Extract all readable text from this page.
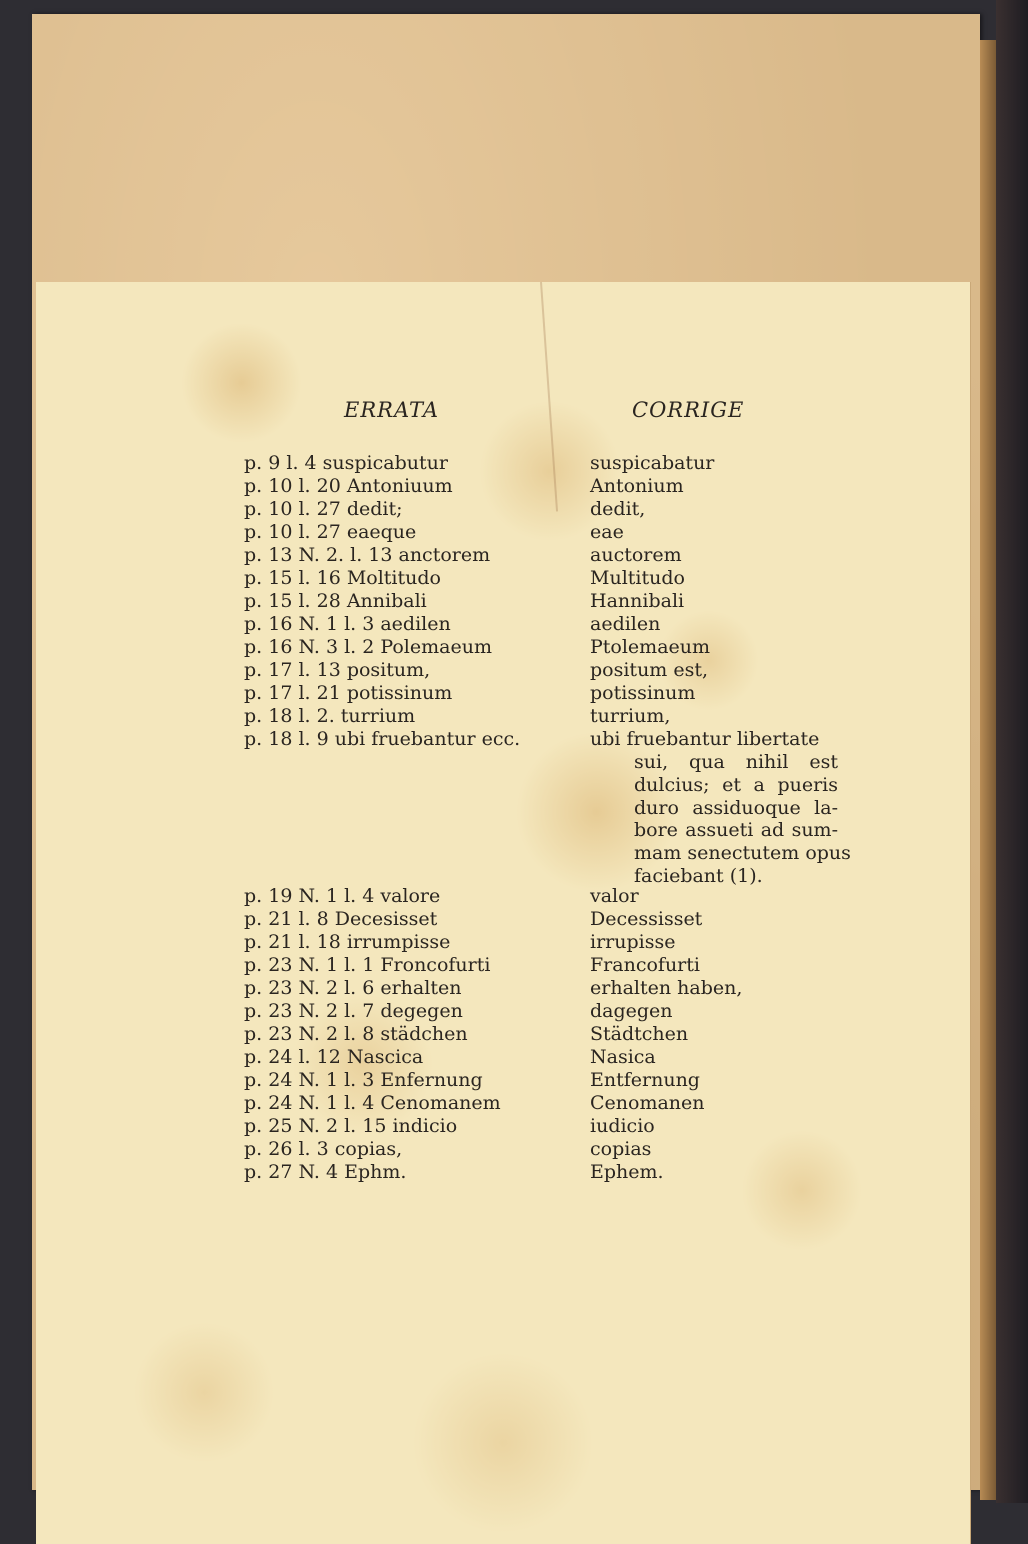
ERRATA	CORRIGE
p. 9 l. 4 suspicabutur
p. 10 l. 20 Antoniuum
p. 10 l. 27 dedit;
p. 10 l. 27 eaeque
p. 13 N. 2. l. 13 anctorem
p. 15 l. 16 Moltitudo
p. 15 l. 28 Annibali
p. 16 N. 1 l. 3 aedilen
p. 16 N. 3 l. 2 Polemaeum
p. 17 l. 13 positum,
p. 17 l. 21 potissinum
p. 18 l. 2. turrium
p. 18 l. 9 ubi fruebantur ecc.
p. 19 N. 1 l. 4 valore
p. 21 l. 8 Decesisset
p. 21 l. 18 irrumpisse
p. 23 N. 1 l. 1 Froncofurti
p. 23 N. 2 l. 6 erhalten
p. 23 N. 2 l. 7 degegen
p. 23 N. 2 l. 8 städchen
p. 24 l. 12 Nascica
p. 24 N. 1 l. 3 Enfernung
p. 24 N. 1 l. 4 Cenomanem
p. 25 N. 2 l. 15 indicio
p. 26 l. 3 copias,
p. 27 N. 4 Ephm.
suspicabatur
Antonium
dedit,
eae
auctorem
Multitudo
Hannibali
aedilen
Ptolemaeum
positum est,
potissinum
turrium,
ubi fruebantur libertate
sui, qua nihil est
dulcius; et a pueris
duro assiduoque la-
bore assueti ad sum-
mam senectutem opus
faciebant (1).
valor
Decessisset
irrupisse
Francofurti
erhalten haben,
dagegen
Städtchen
Nasica
Entfernung
Cenomanen
iudicio
copias
Ephem.
